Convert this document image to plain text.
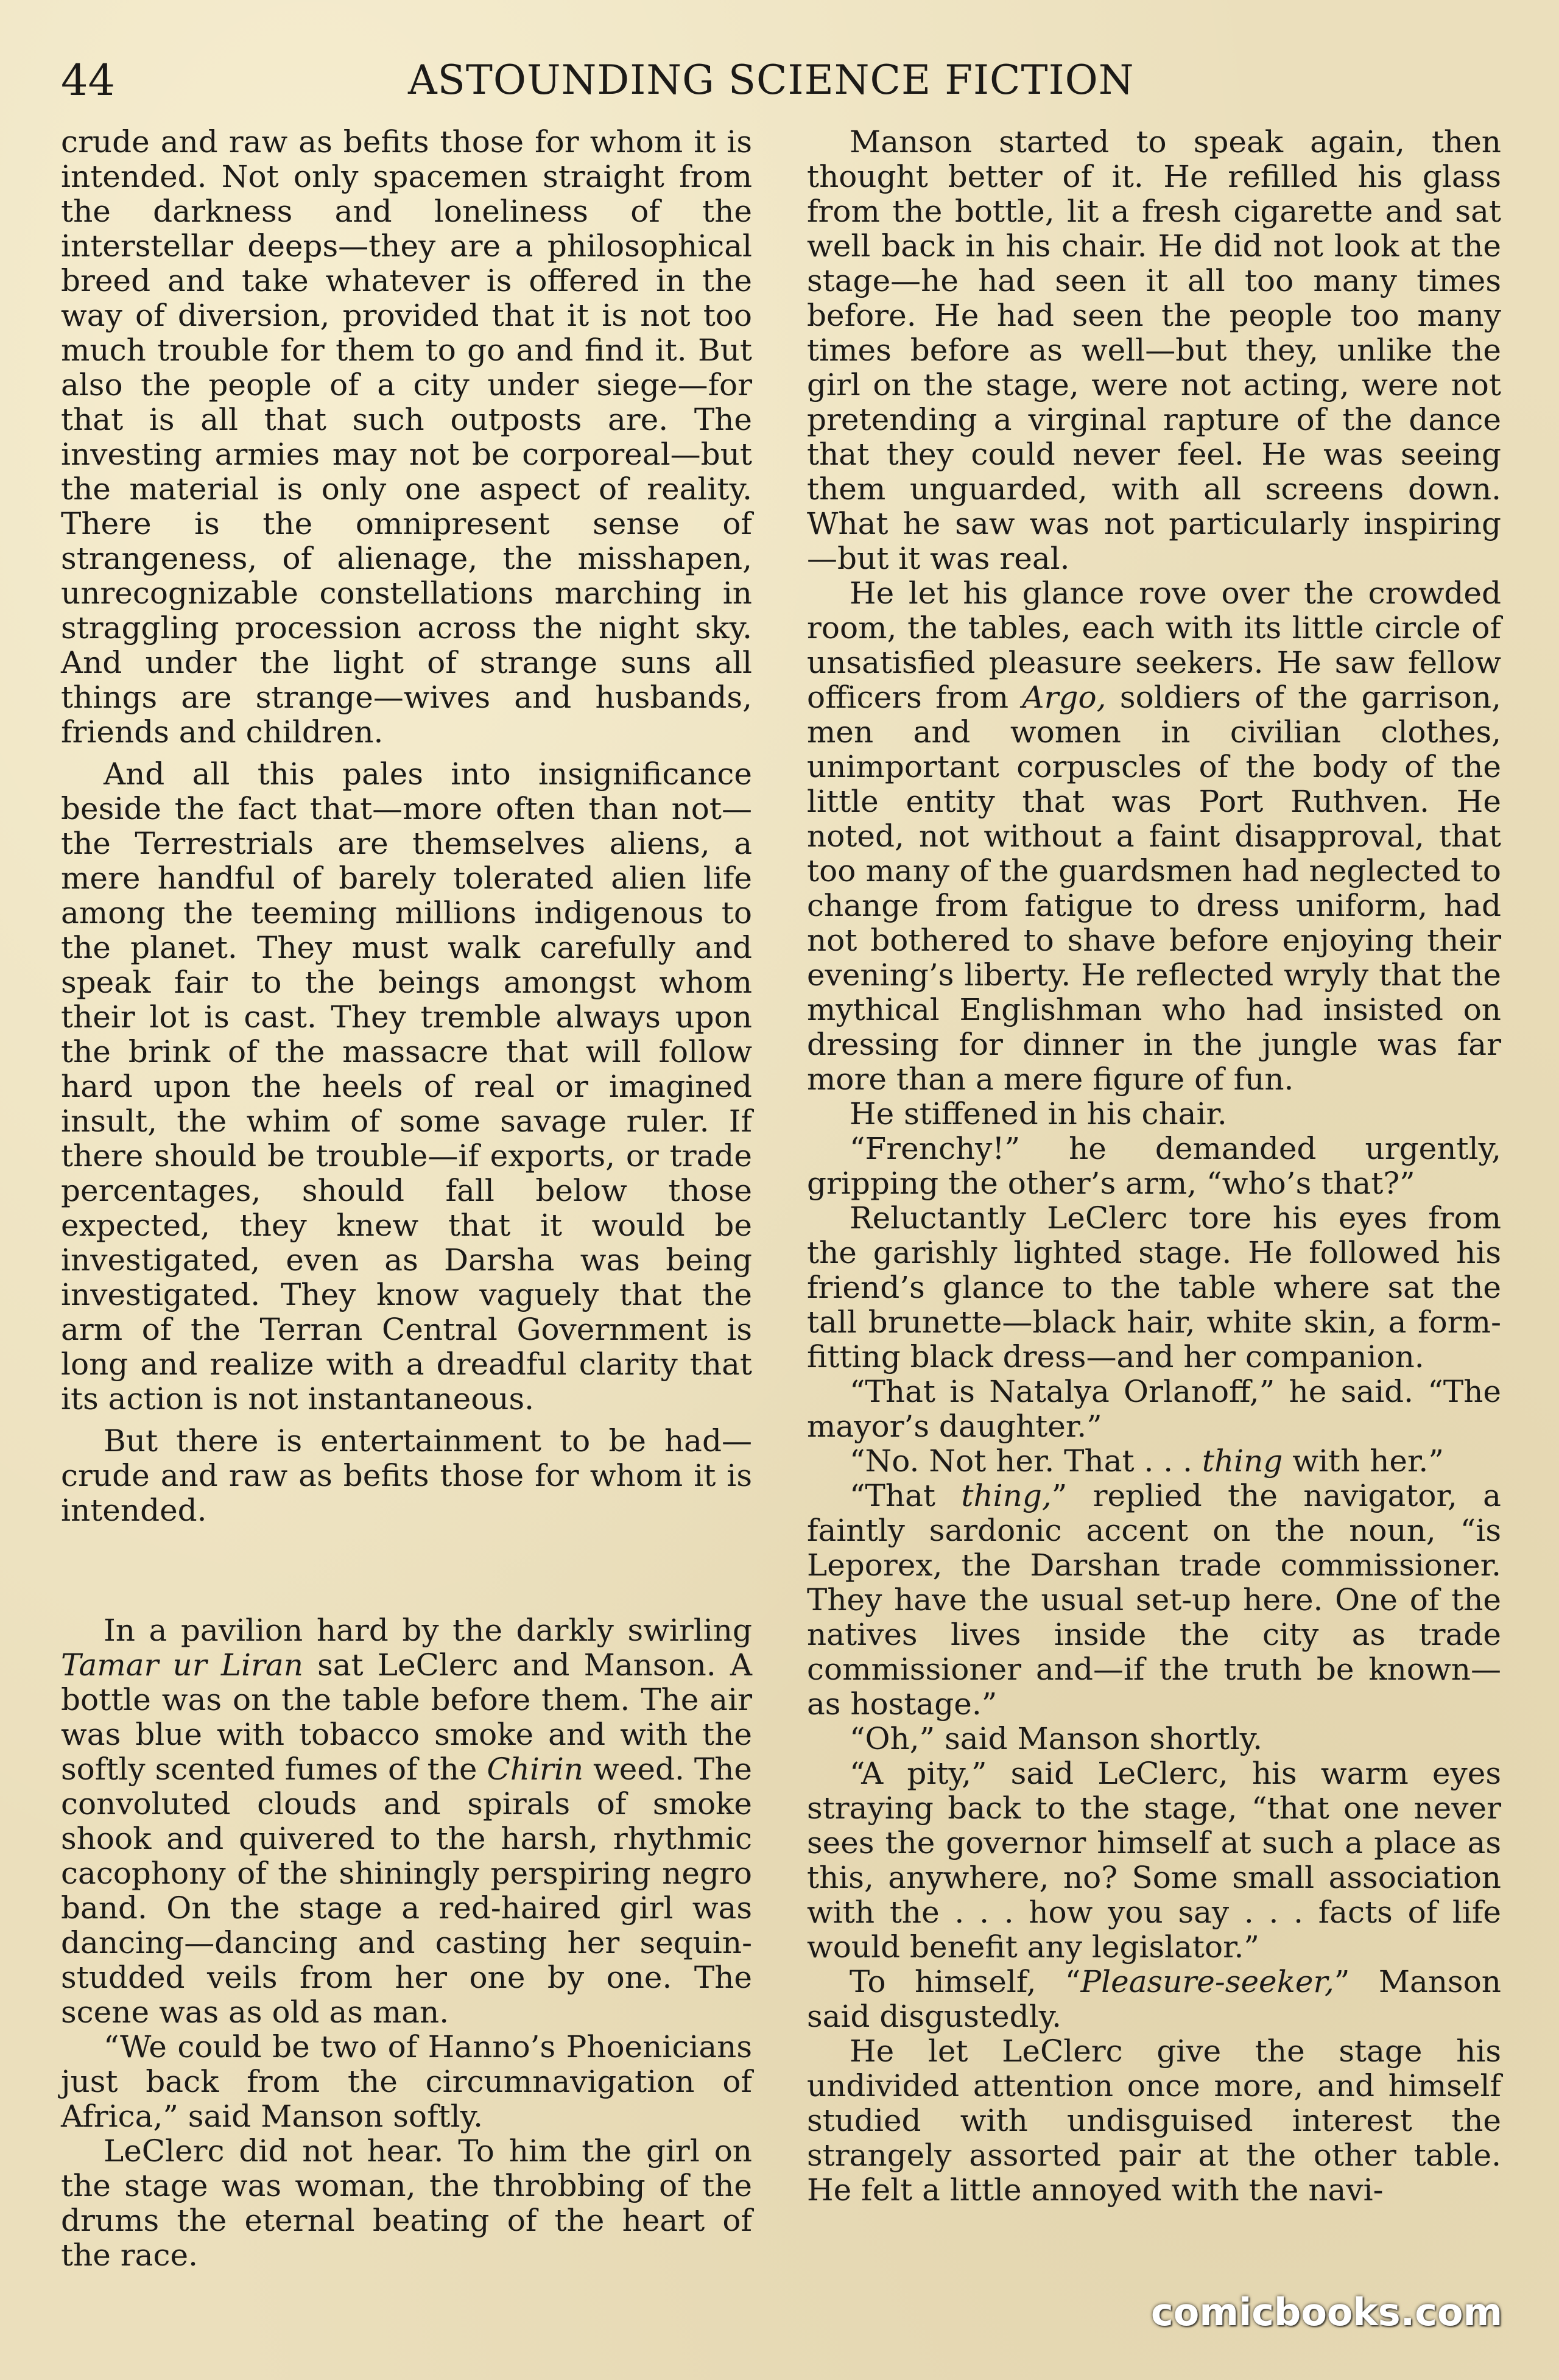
44	ASTOUNDING SCIENCE FICTION

crude and raw as befits those for whom it is intended. Not only spacemen straight from the darkness and loneliness of the interstellar deeps—they are a philosophical breed and take whatever is offered in the way of diversion, provided that it is not too much trouble for them to go and find it. But also the people of a city under siege—for that is all that such outposts are. The investing armies may not be corporeal—but the material is only one aspect of reality. There is the omnipresent sense of strangeness, of alienage, the misshapen, unrecognizable constellations marching in straggling procession across the night sky. And under the light of strange suns all things are strange—wives and husbands, friends and children.

And all this pales into insignificance beside the fact that—more often than not—the Terrestrials are themselves aliens, a mere handful of barely tolerated alien life among the teeming millions indigenous to the planet. They must walk carefully and speak fair to the beings amongst whom their lot is cast. They tremble always upon the brink of the massacre that will follow hard upon the heels of real or imagined insult, the whim of some savage ruler. If there should be trouble—if exports, or trade percentages, should fall below those expected, they knew that it would be investigated, even as Darsha was being investigated. They know vaguely that the arm of the Terran Central Government is long and realize with a dreadful clarity that its action is not instantaneous.

But there is entertainment to be had—crude and raw as befits those for whom it is intended.

In a pavilion hard by the darkly swirling Tamar ur Liran sat LeClerc and Manson. A bottle was on the table before them. The air was blue with tobacco smoke and with the softly scented fumes of the Chirin weed. The convoluted clouds and spirals of smoke shook and quivered to the harsh, rhythmic cacophony of the shiningly perspiring negro band. On the stage a red-haired girl was dancing—dancing and casting her sequin-studded veils from her one by one. The scene was as old as man.

“We could be two of Hanno’s Phoenicians just back from the circumnavigation of Africa,” said Manson softly.

LeClerc did not hear. To him the girl on the stage was woman, the throbbing of the drums the eternal beating of the heart of the race.

Manson started to speak again, then thought better of it. He refilled his glass from the bottle, lit a fresh cigarette and sat well back in his chair. He did not look at the stage—he had seen it all too many times before. He had seen the people too many times before as well—but they, unlike the girl on the stage, were not acting, were not pretending a virginal rapture of the dance that they could never feel. He was seeing them unguarded, with all screens down. What he saw was not particularly inspiring—but it was real.

He let his glance rove over the crowded room, the tables, each with its little circle of unsatisfied pleasure seekers. He saw fellow officers from Argo, soldiers of the garrison, men and women in civilian clothes, unimportant corpuscles of the body of the little entity that was Port Ruthven. He noted, not without a faint disapproval, that too many of the guardsmen had neglected to change from fatigue to dress uniform, had not bothered to shave before enjoying their evening’s liberty. He reflected wryly that the mythical Englishman who had insisted on dressing for dinner in the jungle was far more than a mere figure of fun.

He stiffened in his chair.

“Frenchy!” he demanded urgently, gripping the other’s arm, “who’s that?”

Reluctantly LeClerc tore his eyes from the garishly lighted stage. He followed his friend’s glance to the table where sat the tall brunette—black hair, white skin, a form-fitting black dress—and her companion.

“That is Natalya Orlanoff,” he said. “The mayor’s daughter.”

“No. Not her. That . . . thing with her.”

“That thing,” replied the navigator, a faintly sardonic accent on the noun, “is Leporex, the Darshan trade commissioner. They have the usual set-up here. One of the natives lives inside the city as trade commissioner and—if the truth be known—as hostage.”

“Oh,” said Manson shortly.

“A pity,” said LeClerc, his warm eyes straying back to the stage, “that one never sees the governor himself at such a place as this, anywhere, no? Some small association with the . . . how you say . . . facts of life would benefit any legislator.”

To himself, “Pleasure-seeker,” Manson said disgustedly.

He let LeClerc give the stage his undivided attention once more, and himself studied with undisguised interest the strangely assorted pair at the other table. He felt a little annoyed with the navi-

comicbooks.com
